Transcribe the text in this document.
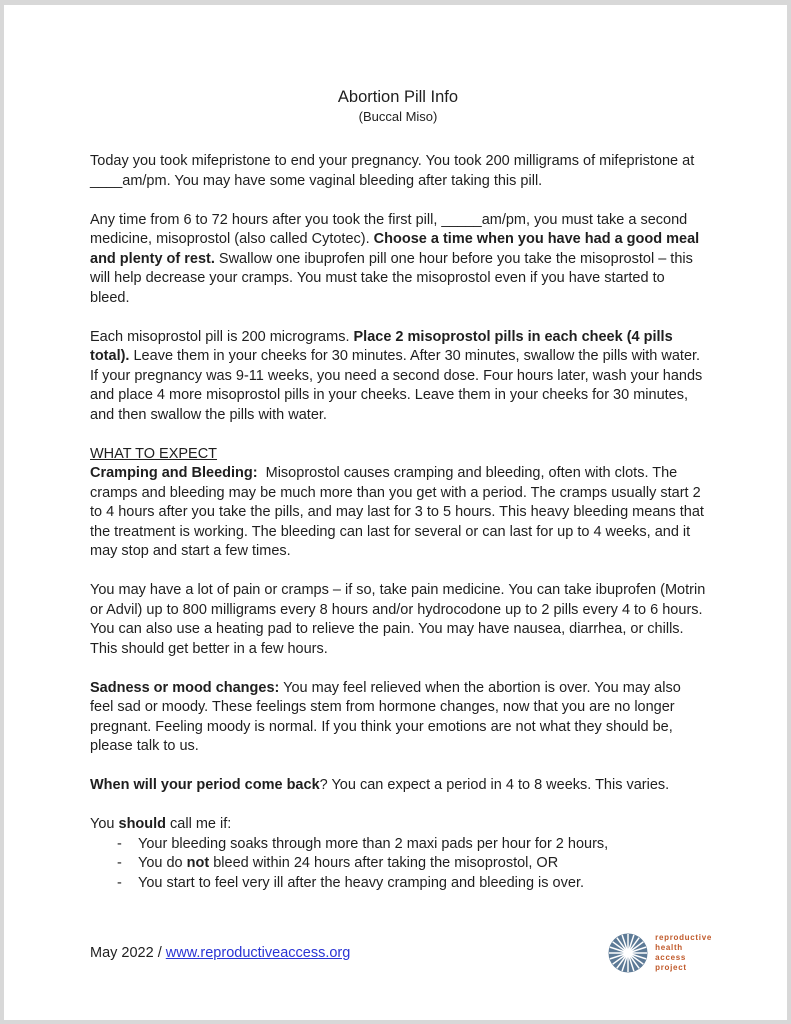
Abortion Pill Info
(Buccal Miso)

Today you took mifepristone to end your pregnancy. You took 200 milligrams of mifepristone at ____am/pm. You may have some vaginal bleeding after taking this pill.

Any time from 6 to 72 hours after you took the first pill, _____am/pm, you must take a second medicine, misoprostol (also called Cytotec). Choose a time when you have had a good meal and plenty of rest. Swallow one ibuprofen pill one hour before you take the misoprostol – this will help decrease your cramps. You must take the misoprostol even if you have started to bleed.

Each misoprostol pill is 200 micrograms. Place 2 misoprostol pills in each cheek (4 pills total). Leave them in your cheeks for 30 minutes. After 30 minutes, swallow the pills with water. If your pregnancy was 9-11 weeks, you need a second dose. Four hours later, wash your hands and place 4 more misoprostol pills in your cheeks. Leave them in your cheeks for 30 minutes, and then swallow the pills with water.

WHAT TO EXPECT

Cramping and Bleeding:  Misoprostol causes cramping and bleeding, often with clots. The cramps and bleeding may be much more than you get with a period. The cramps usually start 2 to 4 hours after you take the pills, and may last for 3 to 5 hours. This heavy bleeding means that the treatment is working. The bleeding can last for several or can last for up to 4 weeks, and it may stop and start a few times.

You may have a lot of pain or cramps – if so, take pain medicine. You can take ibuprofen (Motrin or Advil) up to 800 milligrams every 8 hours and/or hydrocodone up to 2 pills every 4 to 6 hours. You can also use a heating pad to relieve the pain. You may have nausea, diarrhea, or chills. This should get better in a few hours.

Sadness or mood changes: You may feel relieved when the abortion is over. You may also feel sad or moody. These feelings stem from hormone changes, now that you are no longer pregnant. Feeling moody is normal. If you think your emotions are not what they should be, please talk to us.

When will your period come back? You can expect a period in 4 to 8 weeks. This varies.

You should call me if:

-	Your bleeding soaks through more than 2 maxi pads per hour for 2 hours,
-	You do not bleed within 24 hours after taking the misoprostol, OR
-	You start to feel very ill after the heavy cramping and bleeding is over.
May 2022 / www.reproductiveaccess.org
reproductive
health
access
project
